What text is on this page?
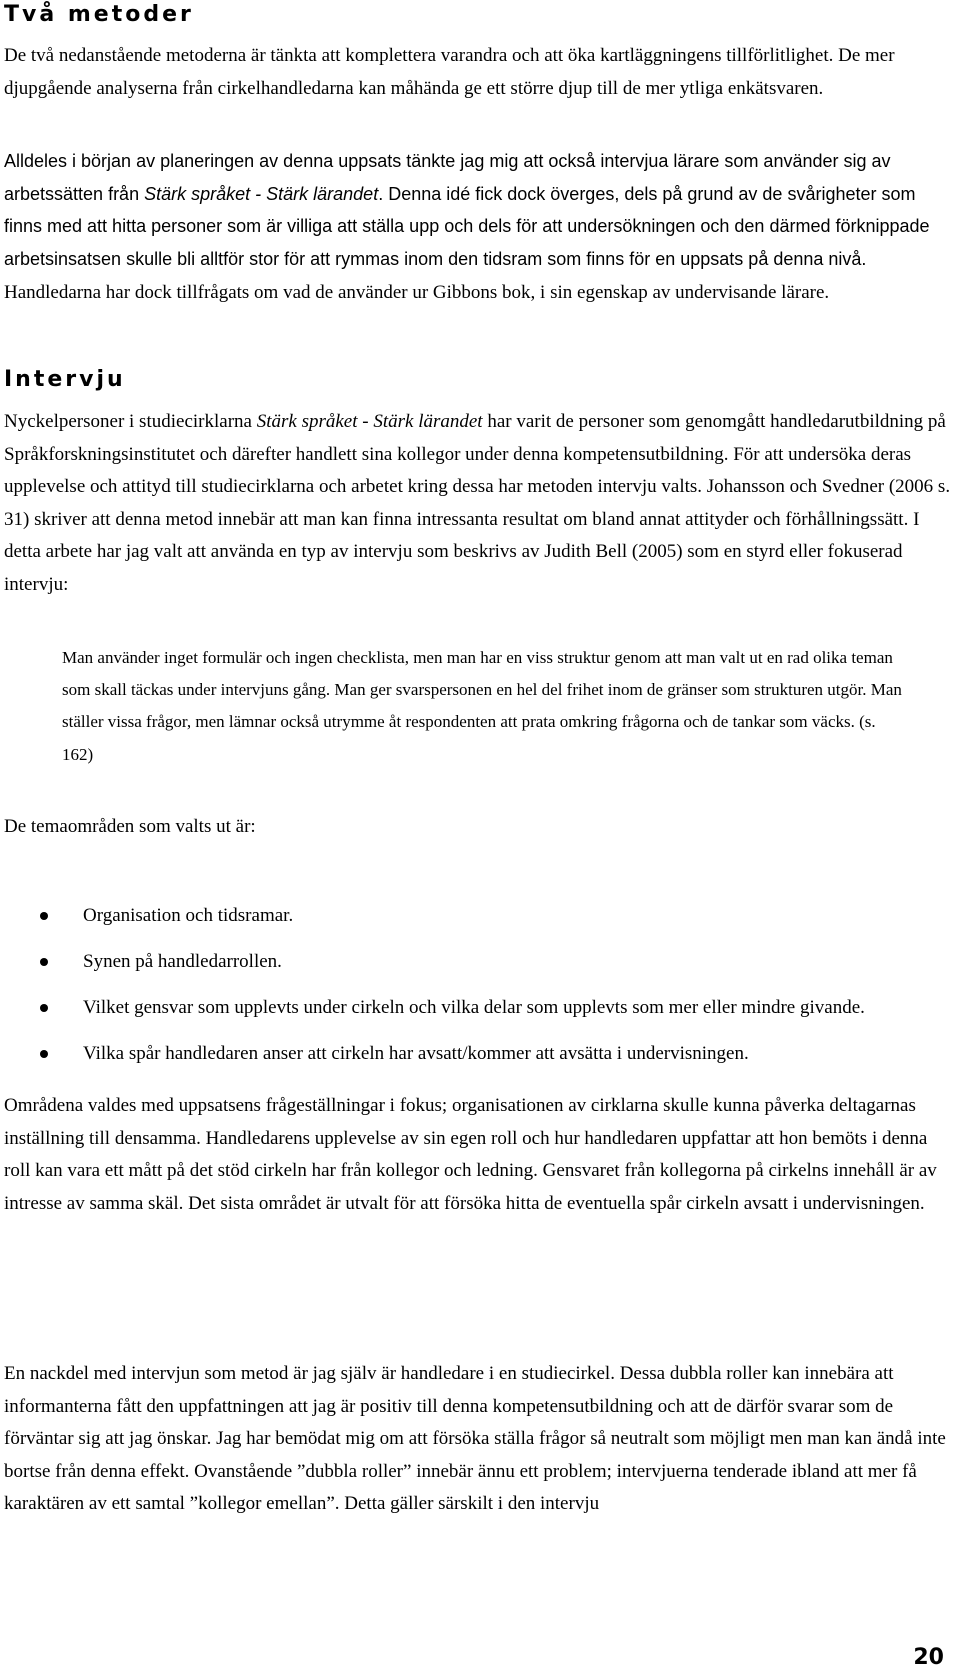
Två metoder

De två nedanstående metoderna är tänkta att komplettera varandra och att öka kartläggningens tillförlitlighet. De mer djupgående analyserna från cirkelhandledarna kan måhända ge ett större djup till de mer ytliga enkätsvaren.

Alldeles i början av planeringen av denna uppsats tänkte jag mig att också intervjua lärare som använder sig av arbetssätten från Stärk språket - Stärk lärandet. Denna idé fick dock överges, dels på grund av de svårigheter som finns med att hitta personer som är villiga att ställa upp och dels för att undersökningen och den därmed förknippade arbetsinsatsen skulle bli alltför stor för att rymmas inom den tidsram som finns för en uppsats på denna nivå. Handledarna har dock tillfrågats om vad de använder ur Gibbons bok, i sin egenskap av undervisande lärare.

Intervju

Nyckelpersoner i studiecirklarna Stärk språket - Stärk lärandet har varit de personer som genomgått handledarutbildning på Språkforskningsinstitutet och därefter handlett sina kollegor under denna kompetensutbildning. För att undersöka deras upplevelse och attityd till studiecirklarna och arbetet kring dessa har metoden intervju valts. Johansson och Svedner (2006 s. 31) skriver att denna metod innebär att man kan finna intressanta resultat om bland annat attityder och förhållningssätt. I detta arbete har jag valt att använda en typ av intervju som beskrivs av Judith Bell (2005) som en styrd eller fokuserad intervju:

Man använder inget formulär och ingen checklista, men man har en viss struktur genom att man valt ut en rad olika teman som skall täckas under intervjuns gång. Man ger svarspersonen en hel del frihet inom de gränser som strukturen utgör. Man ställer vissa frågor, men lämnar också utrymme åt respondenten att prata omkring frågorna och de tankar som väcks. (s. 162)

De temaområden som valts ut är:

Organisation och tidsramar.
Synen på handledarrollen.
Vilket gensvar som upplevts under cirkeln och vilka delar som upplevts som mer eller mindre givande.
Vilka spår handledaren anser att cirkeln har avsatt/kommer att avsätta i undervisningen.

Områdena valdes med uppsatsens frågeställningar i fokus; organisationen av cirklarna skulle kunna påverka deltagarnas inställning till densamma. Handledarens upplevelse av sin egen roll och hur handledaren uppfattar att hon bemöts i denna roll kan vara ett mått på det stöd cirkeln har från kollegor och ledning. Gensvaret från kollegorna på cirkelns innehåll är av intresse av samma skäl. Det sista området är utvalt för att försöka hitta de eventuella spår cirkeln avsatt i undervisningen.

En nackdel med intervjun som metod är jag själv är handledare i en studiecirkel. Dessa dubbla roller kan innebära att informanterna fått den uppfattningen att jag är positiv till denna kompetensutbildning och att de därför svarar som de förväntar sig att jag önskar. Jag har bemödat mig om att försöka ställa frågor så neutralt som möjligt men man kan ändå inte bortse från denna effekt. Ovanstående ”dubbla roller” innebär ännu ett problem; intervjuerna tenderade ibland att mer få karaktären av ett samtal ”kollegor emellan”. Detta gäller särskilt i den intervju

20
